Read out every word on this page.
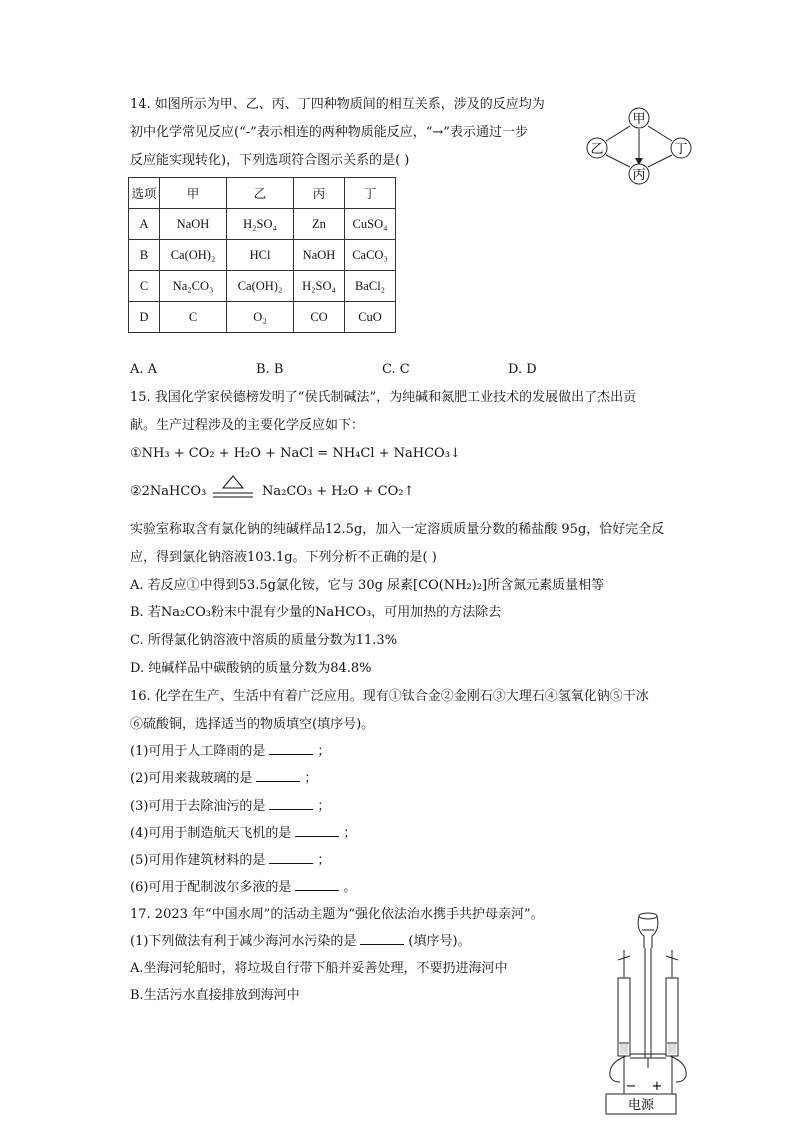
14. 如图所示为甲、乙、丙、丁四种物质间的相互关系，涉及的反应均为
初中化学常见反应(“-”表示相连的两种物质能反应，“→”表示通过一步
反应能实现转化)，下列选项符合图示关系的是( )
甲
乙	丁
丙
选项	甲	乙	丙	丁
A	NaOH	H₂SO₄	Zn	CuSO₄
B	Ca(OH)₂	HCl	NaOH	CaCO₃
C	Na₂CO₃	Ca(OH)₂	H₂SO₄	BaCl₂
D	C	O₂	CO	CuO
A. A	B. B	C. C	D. D
15. 我国化学家侯德榜发明了“侯氏制碱法”，为纯碱和氮肥工业技术的发展做出了杰出贡
献。生产过程涉及的主要化学反应如下：
①NH₃ + CO₂ + H₂O + NaCl = NH₄Cl + NaHCO₃↓
②2NaHCO₃	Na₂CO₃ + H₂O + CO₂↑
实验室称取含有氯化钠的纯碱样品12.5g，加入一定溶质质量分数的稀盐酸 95g，恰好完全反
应，得到氯化钠溶液103.1g。下列分析不正确的是( )
A. 若反应①中得到53.5g氯化铵，它与 30g 尿素[CO(NH₂)₂]所含氮元素质量相等
B. 若Na₂CO₃粉末中混有少量的NaHCO₃，可用加热的方法除去
C. 所得氯化钠溶液中溶质的质量分数为11.3%
D. 纯碱样品中碳酸钠的质量分数为84.8%
16. 化学在生产、生活中有着广泛应用。现有①钛合金②金刚石③大理石④氢氧化钠⑤干冰
⑥硫酸铜，选择适当的物质填空(填序号)。
(1)可用于人工降雨的是	；
(2)可用来裁玻璃的是	；
(3)可用于去除油污的是	；
(4)可用于制造航天飞机的是	；
(5)可用作建筑材料的是	；
(6)可用于配制波尔多液的是	。
17. 2023 年“中国水周”的活动主题为“强化依法治水携手共护母亲河”。
(1)下列做法有利于减少海河水污染的是	(填序号)。
A.坐海河轮船时，将垃圾自行带下船并妥善处理，不要扔进海河中
B.生活污水直接排放到海河中
− +
电源
